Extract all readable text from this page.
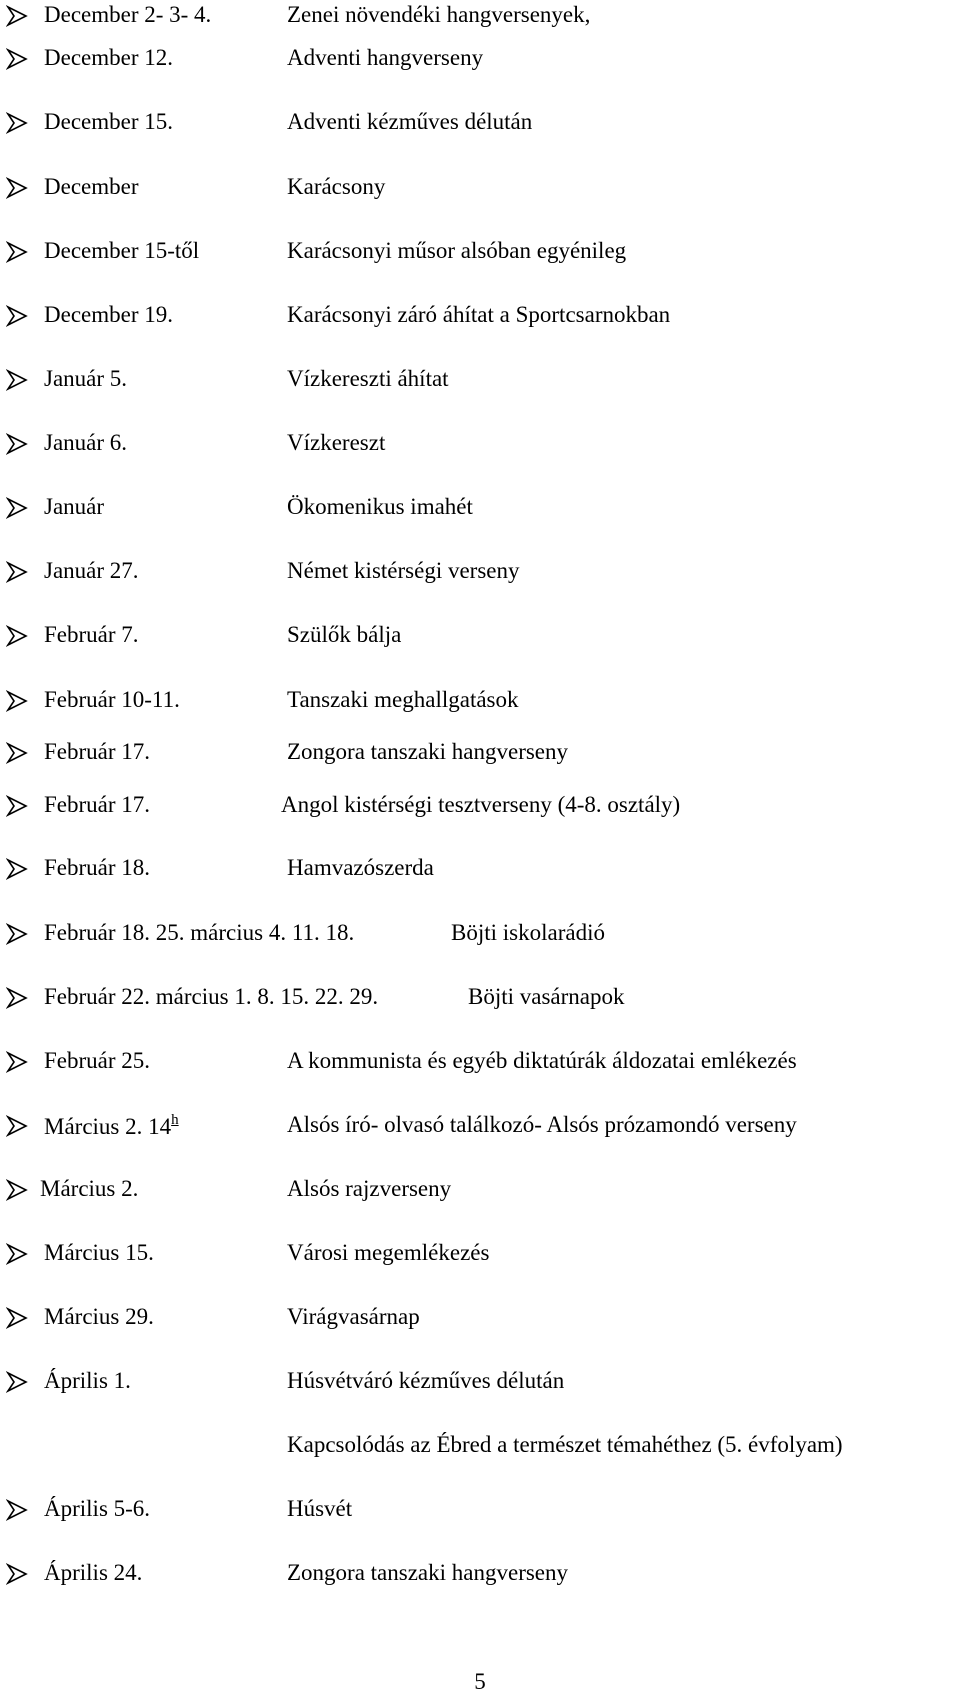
December 2- 3- 4.	Zenei növendéki hangversenyek,
December 12.	Adventi hangverseny
December 15.	Adventi kézműves délután
December	Karácsony
December 15-től	Karácsonyi műsor alsóban egyénileg
December 19.	Karácsonyi záró áhítat a Sportcsarnokban
Január 5.	Vízkereszti áhítat
Január 6.	Vízkereszt
Január	Ökomenikus imahét
Január 27.	Német kistérségi verseny
Február 7.	Szülők bálja
Február 10-11.	Tanszaki meghallgatások
Február 17.	Zongora tanszaki hangverseny
Február 17.	Angol kistérségi tesztverseny (4-8. osztály)
Február 18.	Hamvazószerda
Február 18. 25. március 4. 11. 18.	Böjti iskolarádió
Február 22. március 1. 8. 15. 22. 29.	Böjti vasárnapok
Február 25.	A kommunista és egyéb diktatúrák áldozatai emlékezés
Március 2. 14$^h$	Alsós író- olvasó találkozó- Alsós prózamondó verseny
Március 2.	Alsós rajzverseny
Március 15.	Városi megemlékezés
Március 29.	Virágvasárnap
Április 1.	Húsvétváró kézműves délután
Kapcsolódás az Ébred a természet témahéthez (5. évfolyam)
Április 5-6.	Húsvét
Április 24.	Zongora tanszaki hangverseny
5
